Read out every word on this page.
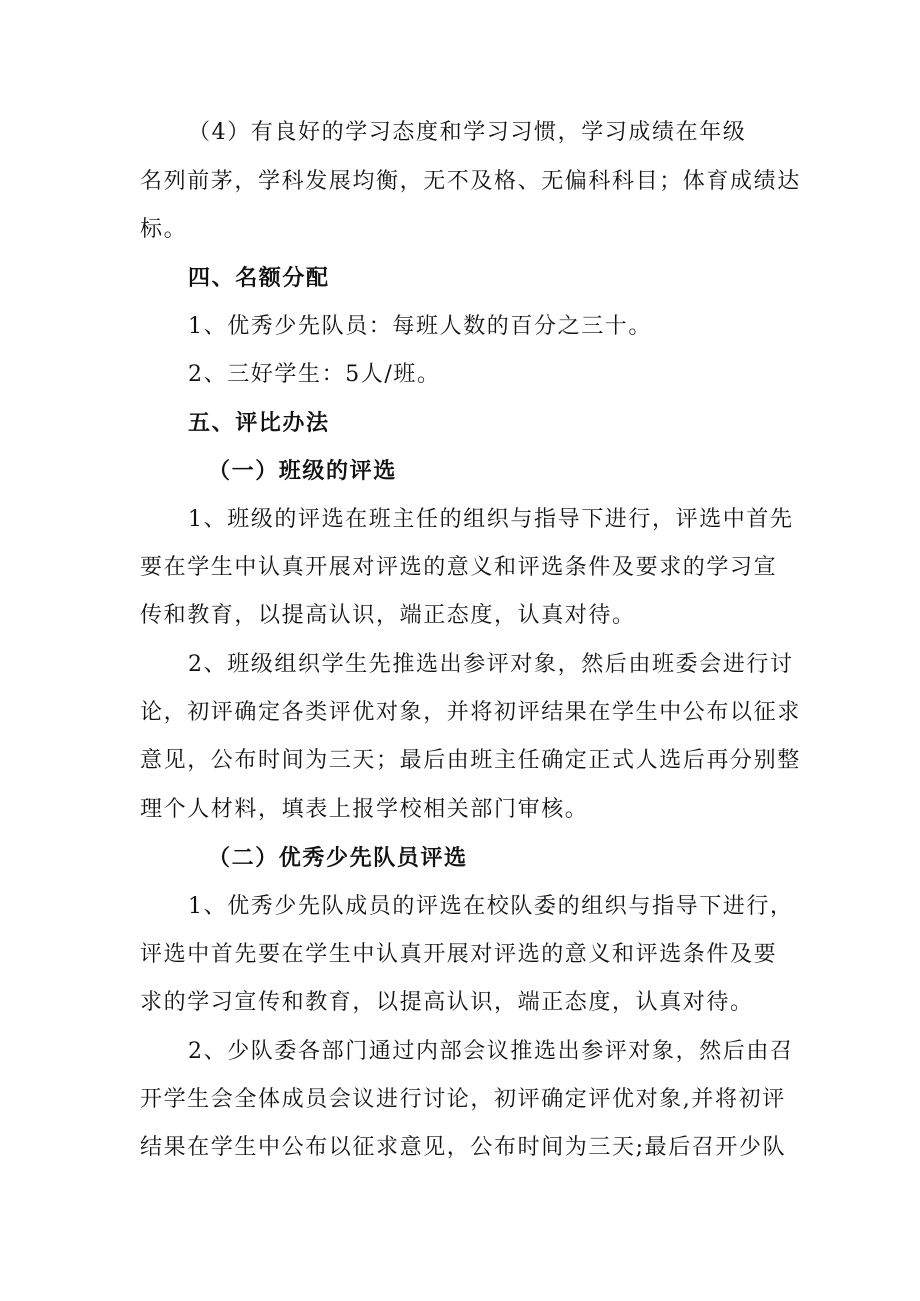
（4）有良好的学习态度和学习习惯，学习成绩在年级
名列前茅，学科发展均衡，无不及格、无偏科科目；体育成绩达
标。
四、名额分配
1、优秀少先队员：每班人数的百分之三十。
2、三好学生：5人/班。
五、评比办法
（一）班级的评选
1、班级的评选在班主任的组织与指导下进行，评选中首先
要在学生中认真开展对评选的意义和评选条件及要求的学习宣
传和教育，以提高认识，端正态度，认真对待。
2、班级组织学生先推选出参评对象，然后由班委会进行讨
论，初评确定各类评优对象，并将初评结果在学生中公布以征求
意见，公布时间为三天；最后由班主任确定正式人选后再分别整
理个人材料，填表上报学校相关部门审核。
（二）优秀少先队员评选
1、优秀少先队成员的评选在校队委的组织与指导下进行，
评选中首先要在学生中认真开展对评选的意义和评选条件及要
求的学习宣传和教育，以提高认识，端正态度，认真对待。
2、少队委各部门通过内部会议推选出参评对象，然后由召
开学生会全体成员会议进行讨论，初评确定评优对象,并将初评
结果在学生中公布以征求意见，公布时间为三天;最后召开少队
